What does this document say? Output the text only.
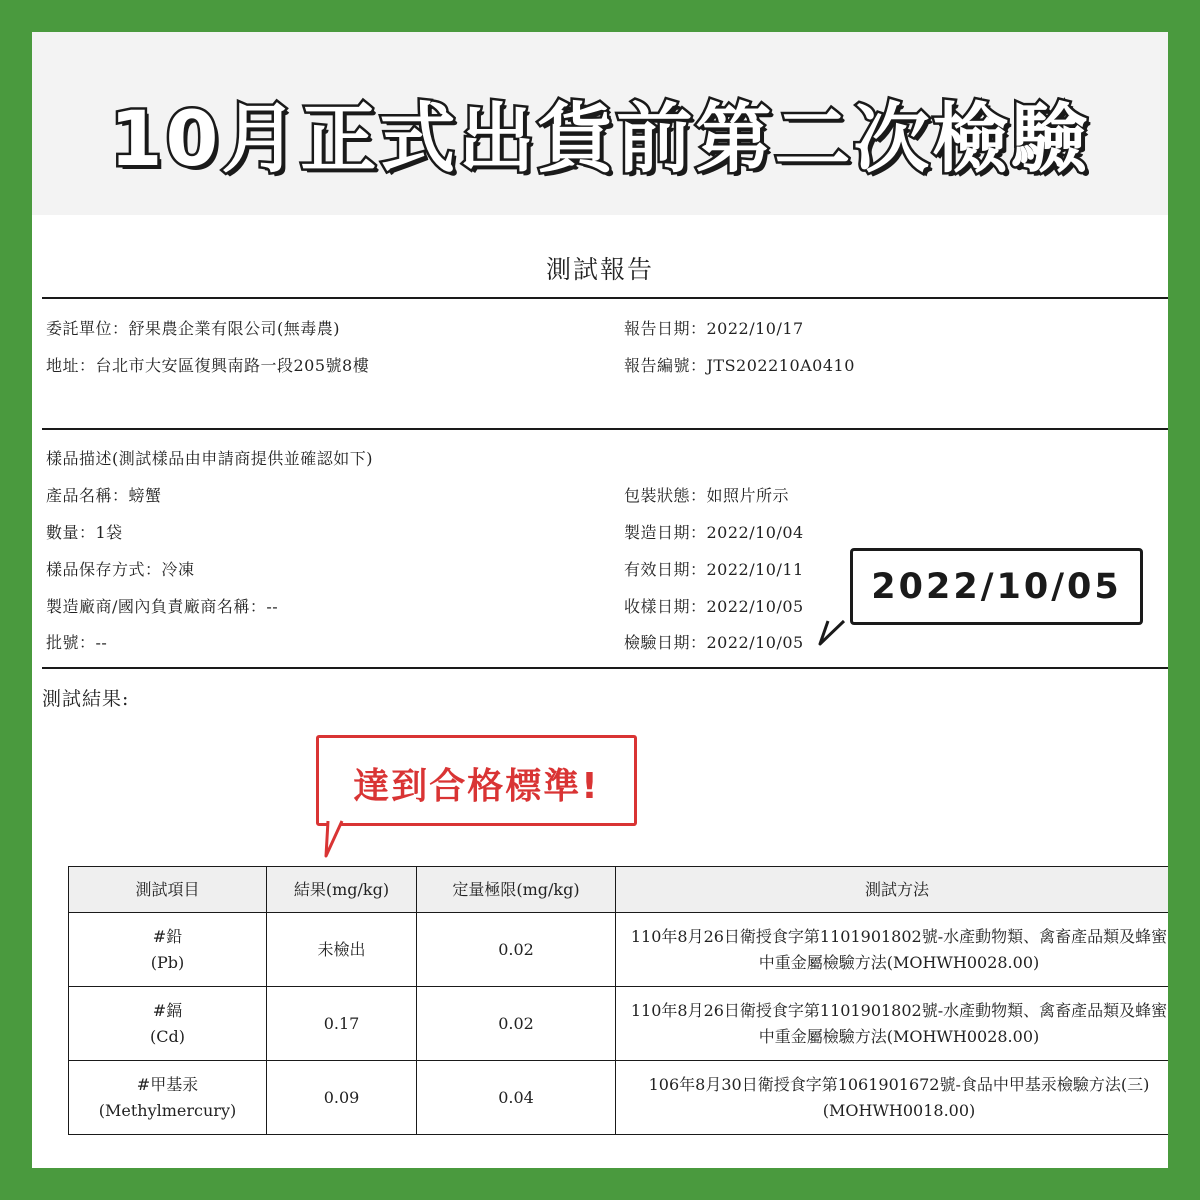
10月正式出貨前第二次檢驗
測試報告
委託單位：舒果農企業有限公司(無毒農)
地址：台北市大安區復興南路一段205號8樓
報告日期：2022/10/17
報告編號：JTS202210A0410
樣品描述(測試樣品由申請商提供並確認如下)
產品名稱：螃蟹
數量：1袋
樣品保存方式：冷凍
製造廠商/國內負責廠商名稱：--
批號：--
包裝狀態：如照片所示
製造日期：2022/10/04
有效日期：2022/10/11
收樣日期：2022/10/05
檢驗日期：2022/10/05
測試結果:
2022/10/05
達到合格標準!
測試項目	結果(mg/kg)	定量極限(mg/kg)	測試方法

#鉛
(Pb)	未檢出	0.02	110年8月26日衛授食字第1101901802號-水產動物類、禽畜產品類及蜂蜜中重金屬檢驗方法(MOHWH0028.00)

#鎘
(Cd)	0.17	0.02	110年8月26日衛授食字第1101901802號-水產動物類、禽畜產品類及蜂蜜中重金屬檢驗方法(MOHWH0028.00)

#甲基汞
(Methylmercury)	0.09	0.04	106年8月30日衛授食字第1061901672號-食品中甲基汞檢驗方法(三)(MOHWH0018.00)
